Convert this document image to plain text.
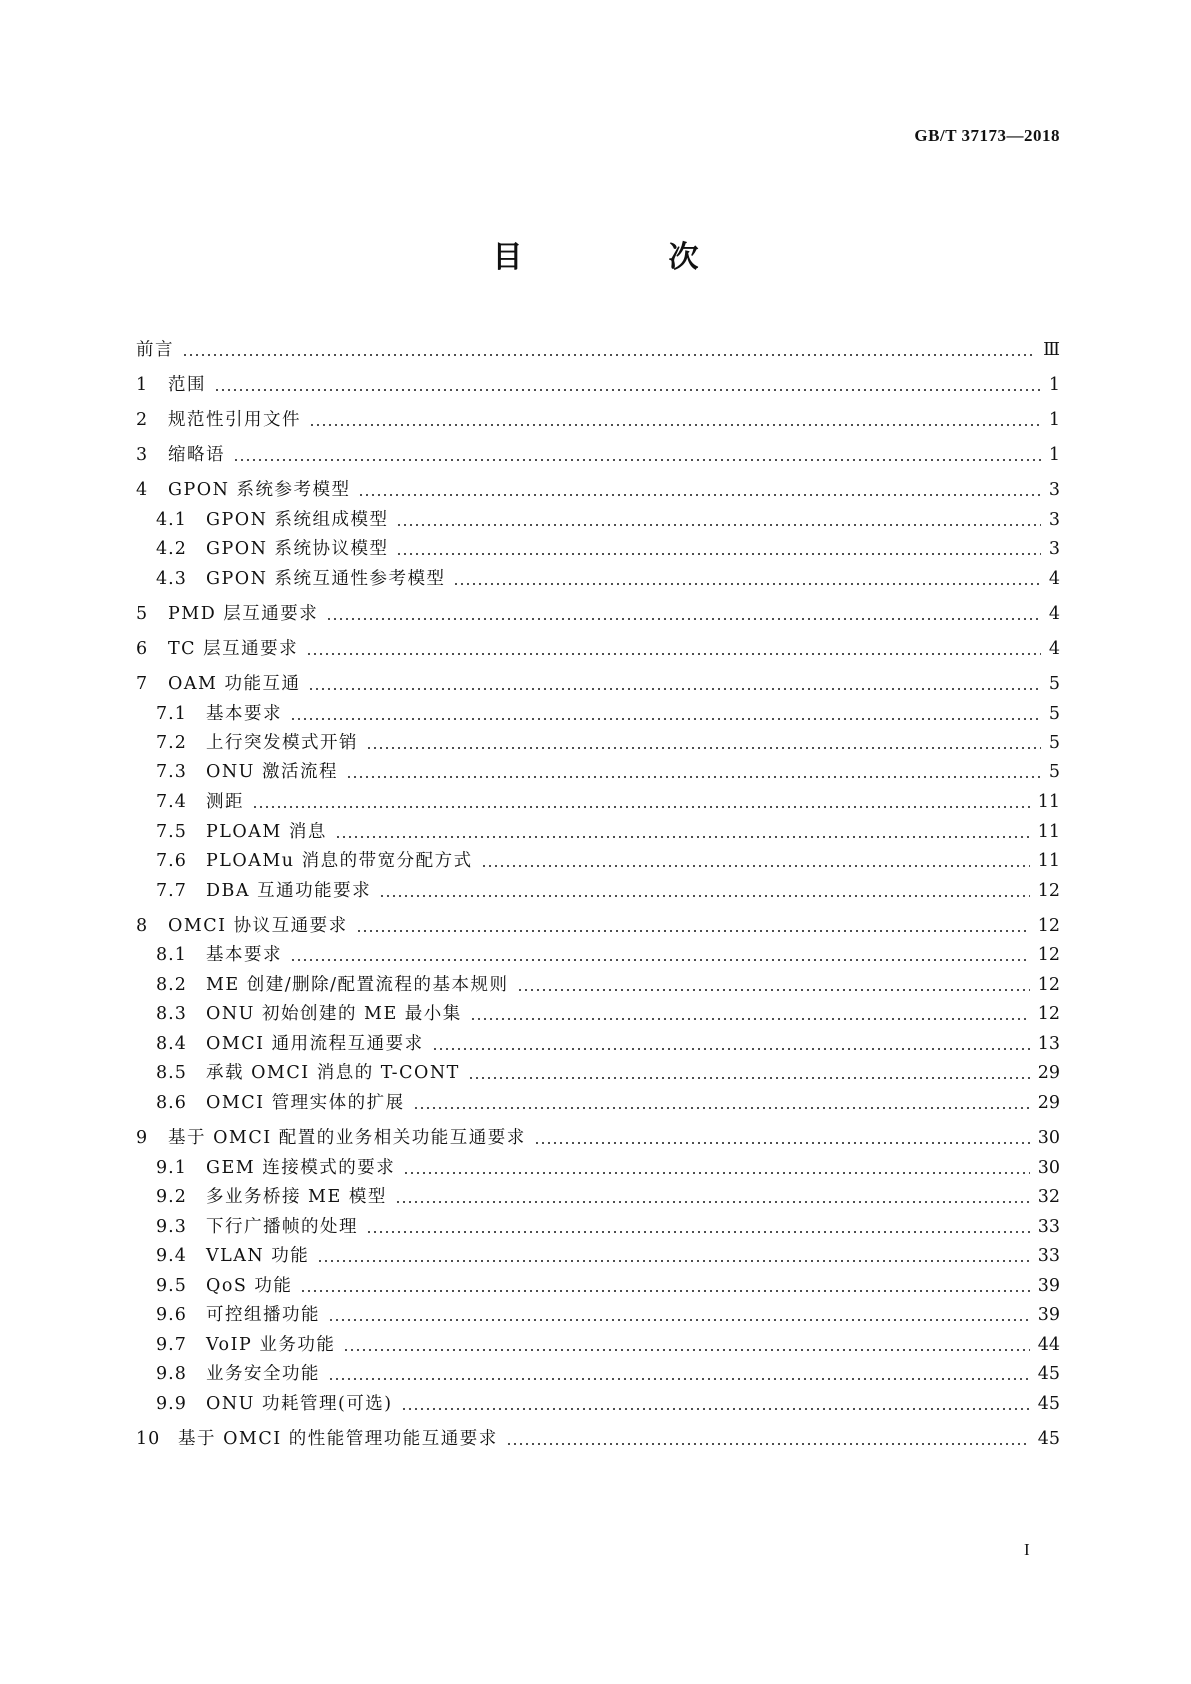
GB/T 37173—2018
目　次
前言	Ⅲ
1	范围	1
2	规范性引用文件	1
3	缩略语	1
4	GPON 系统参考模型	3
4.1	GPON 系统组成模型	3
4.2	GPON 系统协议模型	3
4.3	GPON 系统互通性参考模型	4
5	PMD 层互通要求	4
6	TC 层互通要求	4
7	OAM 功能互通	5
7.1	基本要求	5
7.2	上行突发模式开销	5
7.3	ONU 激活流程	5
7.4	测距	11
7.5	PLOAM 消息	11
7.6	PLOAMu 消息的带宽分配方式	11
7.7	DBA 互通功能要求	12
8	OMCI 协议互通要求	12
8.1	基本要求	12
8.2	ME 创建/删除/配置流程的基本规则	12
8.3	ONU 初始创建的 ME 最小集	12
8.4	OMCI 通用流程互通要求	13
8.5	承载 OMCI 消息的 T-CONT	29
8.6	OMCI 管理实体的扩展	29
9	基于 OMCI 配置的业务相关功能互通要求	30
9.1	GEM 连接模式的要求	30
9.2	多业务桥接 ME 模型	32
9.3	下行广播帧的处理	33
9.4	VLAN 功能	33
9.5	QoS 功能	39
9.6	可控组播功能	39
9.7	VoIP 业务功能	44
9.8	业务安全功能	45
9.9	ONU 功耗管理(可选)	45
10	基于 OMCI 的性能管理功能互通要求	45
I
